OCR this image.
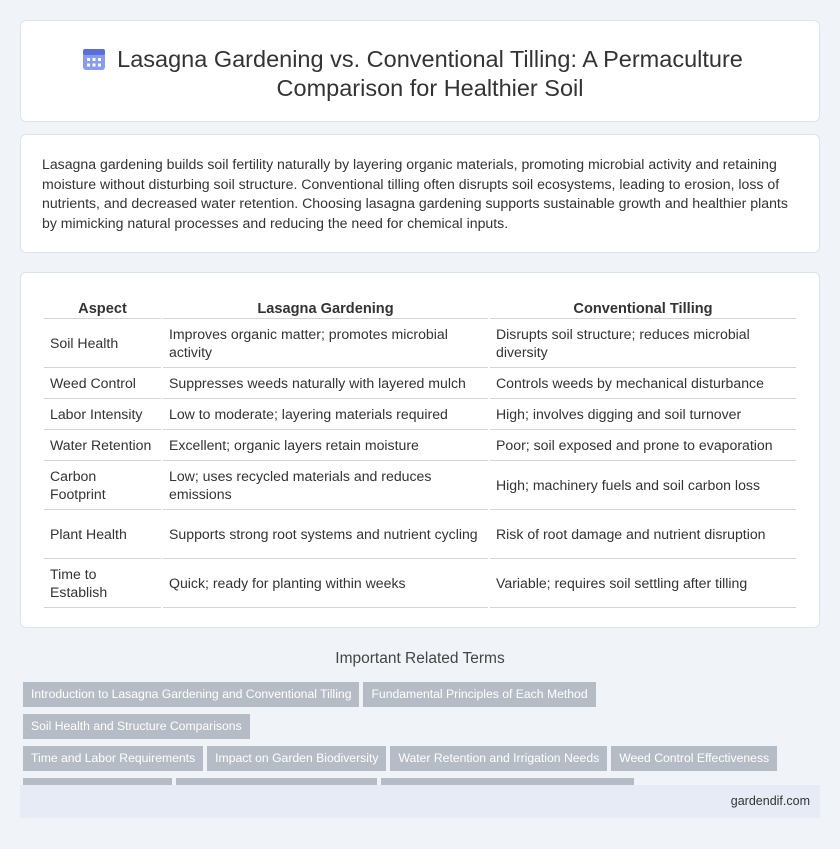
Lasagna Gardening vs. Conventional Tilling: A Permaculture Comparison for Healthier Soil

Lasagna gardening builds soil fertility naturally by layering organic materials, promoting microbial activity and retaining moisture without disturbing soil structure. Conventional tilling often disrupts soil ecosystems, leading to erosion, loss of nutrients, and decreased water retention. Choosing lasagna gardening supports sustainable growth and healthier plants by mimicking natural processes and reducing the need for chemical inputs.

Aspect	Lasagna Gardening	Conventional Tilling
Soil Health	Improves organic matter; promotes microbial activity	Disrupts soil structure; reduces microbial diversity
Weed Control	Suppresses weeds naturally with layered mulch	Controls weeds by mechanical disturbance
Labor Intensity	Low to moderate; layering materials required	High; involves digging and soil turnover
Water Retention	Excellent; organic layers retain moisture	Poor; soil exposed and prone to evaporation
Carbon Footprint	Low; uses recycled materials and reduces emissions	High; machinery fuels and soil carbon loss
Plant Health	Supports strong root systems and nutrient cycling	Risk of root damage and nutrient disruption
Time to Establish	Quick; ready for planting within weeks	Variable; requires soil settling after tilling
Important Related Terms
Introduction to Lasagna Gardening and Conventional Tilling Fundamental Principles of Each MethodSoil Health and Structure Comparisons
Time and Labor Requirements Impact on Garden Biodiversity Water Retention and Irrigation Needs Weed Control Effectiveness

gardendif.com
